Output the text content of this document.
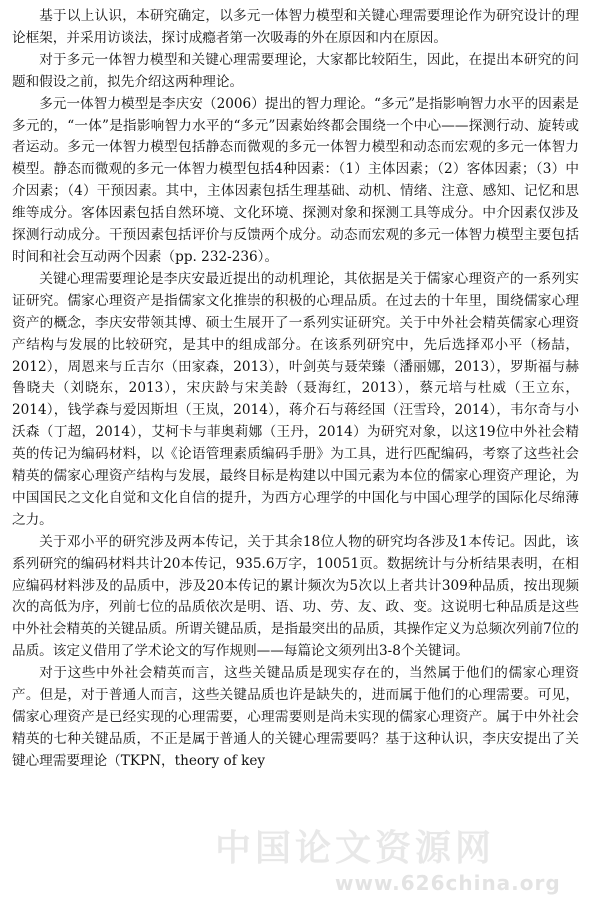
基于以上认识，本研究确定，以多元一体智力模型和关键心理需要理论作为研究设计的理论框架，并采用访谈法，探讨成瘾者第一次吸毒的外在原因和内在原因。

对于多元一体智力模型和关键心理需要理论，大家都比较陌生，因此，在提出本研究的问题和假设之前，拟先介绍这两种理论。

多元一体智力模型是李庆安（2006）提出的智力理论。“多元”是指影响智力水平的因素是多元的，“一体”是指影响智力水平的“多元”因素始终都会围绕一个中心——探测行动、旋转或者运动。多元一体智力模型包括静态而微观的多元一体智力模型和动态而宏观的多元一体智力模型。静态而微观的多元一体智力模型包括4种因素：（1）主体因素；（2）客体因素；（3）中介因素；（4）干预因素。其中，主体因素包括生理基础、动机、情绪、注意、感知、记忆和思维等成分。客体因素包括自然环境、文化环境、探测对象和探测工具等成分。中介因素仅涉及探测行动成分。干预因素包括评价与反馈两个成分。动态而宏观的多元一体智力模型主要包括时间和社会互动两个因素（pp. 232-236）。

关键心理需要理论是李庆安最近提出的动机理论，其依据是关于儒家心理资产的一系列实证研究。儒家心理资产是指儒家文化推崇的积极的心理品质。在过去的十年里，围绕儒家心理资产的概念，李庆安带领其博、硕士生展开了一系列实证研究。关于中外社会精英儒家心理资产结构与发展的比较研究，是其中的组成部分。在该系列研究中，先后选择邓小平（杨喆，2012），周恩来与丘吉尔（田家森，2013），叶剑英与聂荣臻（潘丽娜，2013），罗斯福与赫鲁晓夫（刘晓东，2013），宋庆龄与宋美龄（聂海红，2013），蔡元培与杜威（王立东，2014），钱学森与爱因斯坦（王岚，2014），蒋介石与蒋经国（汪雪玲，2014），韦尔奇与小沃森（丁超，2014），艾柯卡与菲奥莉娜（王丹，2014）为研究对象，以这19位中外社会精英的传记为编码材料，以《论语管理素质编码手册》为工具，进行匹配编码，考察了这些社会精英的儒家心理资产结构与发展，最终目标是构建以中国元素为本位的儒家心理资产理论，为中国国民之文化自觉和文化自信的提升，为西方心理学的中国化与中国心理学的国际化尽绵薄之力。

关于邓小平的研究涉及两本传记，关于其余18位人物的研究均各涉及1本传记。因此，该系列研究的编码材料共计20本传记，935.6万字，10051页。数据统计与分析结果表明，在相应编码材料涉及的品质中，涉及20本传记的累计频次为5次以上者共计309种品质，按出现频次的高低为序，列前七位的品质依次是明、语、功、劳、友、政、变。这说明七种品质是这些中外社会精英的关键品质。所谓关键品质，是指最突出的品质，其操作定义为总频次列前7位的品质。该定义借用了学术论文的写作规则——每篇论文须列出3-8个关键词。

对于这些中外社会精英而言，这些关键品质是现实存在的，当然属于他们的儒家心理资产。但是，对于普通人而言，这些关键品质也许是缺失的，进而属于他们的心理需要。可见，儒家心理资产是已经实现的心理需要，心理需要则是尚未实现的儒家心理资产。属于中外社会精英的七种关键品质，不正是属于普通人的关键心理需要吗？基于这种认识，李庆安提出了关键心理需要理论（TKPN，theory of key

中国论文资源网
www.626china.org
